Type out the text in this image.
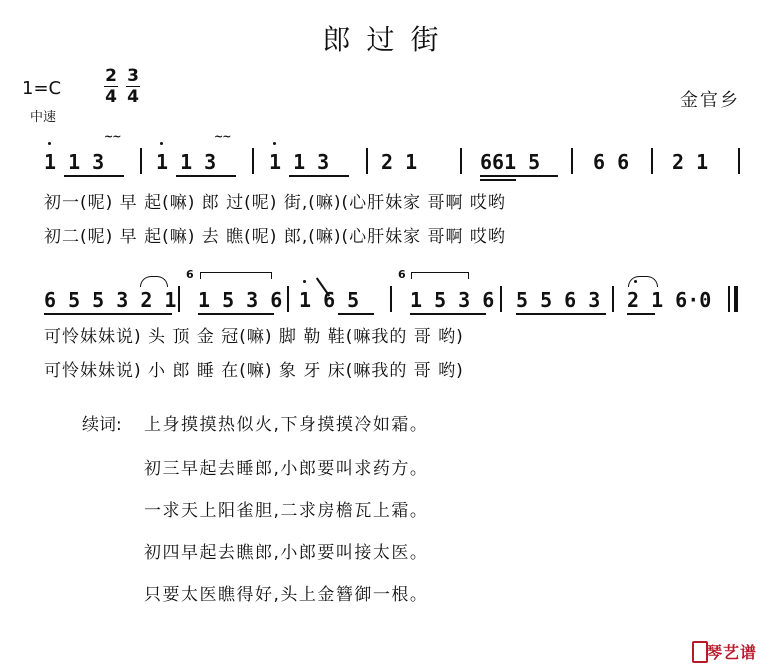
郎过街
1=C	$\frac{2}{4} \frac{3}{4}$
中速
金官乡
~~	~~
1 1 3	1 1 3	1 1 3	2 1	661 5	6 6 2 1
初一(呢) 早 起(嘛) 郎 过(呢) 街,(嘛)(心肝妹家 哥啊 哎哟
初二(呢) 早 起(嘛) 去 瞧(呢) 郎,(嘛)(心肝妹家 哥啊 哎哟
6	6
6 5 5 3 2 1 1 5 3 6 1 6 5	1 5 3 6 5 5 6 3 2 1 6·0
可怜妹妹说) 头 顶 金 冠(嘛) 脚 勒 鞋(嘛我的 哥 哟)
可怜妹妹说) 小 郎 睡 在(嘛) 象 牙 床(嘛我的 哥 哟)
续词: 上身摸摸热似火,下身摸摸冷如霜。
初三早起去睡郎,小郎要叫求药方。
一求天上阳雀胆,二求房檐瓦上霜。
初四早起去瞧郎,小郎要叫接太医。
只要太医瞧得好,头上金簪御一根。
琴艺谱
